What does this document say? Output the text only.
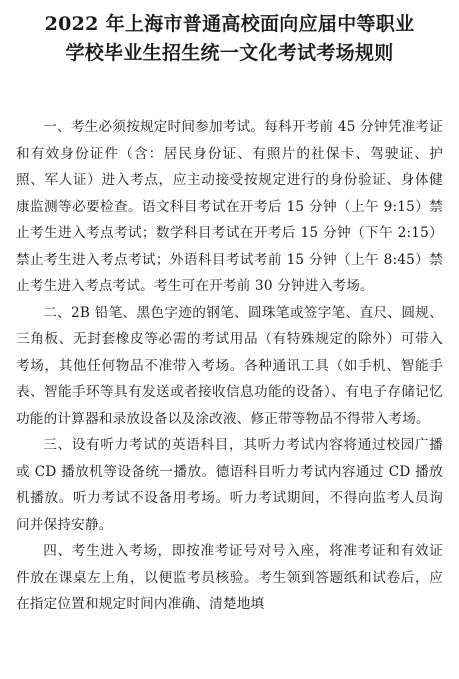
2022 年上海市普通高校面向应届中等职业
学校毕业生招生统一文化考试考场规则

一、考生必须按规定时间参加考试。每科开考前 45 分钟凭准考证和有效身份证件（含：居民身份证、有照片的社保卡、驾驶证、护照、军人证）进入考点，应主动接受按规定进行的身份验证、身体健康监测等必要检查。语文科目考试在开考后 15 分钟（上午 9:15）禁止考生进入考点考试；数学科目考试在开考后 15 分钟（下午 2:15）禁止考生进入考点考试；外语科目考试考前 15 分钟（上午 8:45）禁止考生进入考点考试。考生可在开考前 30 分钟进入考场。

二、2B 铅笔、黑色字迹的钢笔、圆珠笔或签字笔、直尺、圆规、三角板、无封套橡皮等必需的考试用品（有特殊规定的除外）可带入考场，其他任何物品不准带入考场。各种通讯工具（如手机、智能手表、智能手环等具有发送或者接收信息功能的设备）、有电子存储记忆功能的计算器和录放设备以及涂改液、修正带等物品不得带入考场。

三、设有听力考试的英语科目，其听力考试内容将通过校园广播或 CD 播放机等设备统一播放。德语科目听力考试内容通过 CD 播放机播放。听力考试不设备用考场。听力考试期间，不得向监考人员询问并保持安静。

四、考生进入考场，即按准考证号对号入座，将准考证和有效证件放在课桌左上角，以便监考员核验。考生领到答题纸和试卷后，应在指定位置和规定时间内准确、清楚地填
